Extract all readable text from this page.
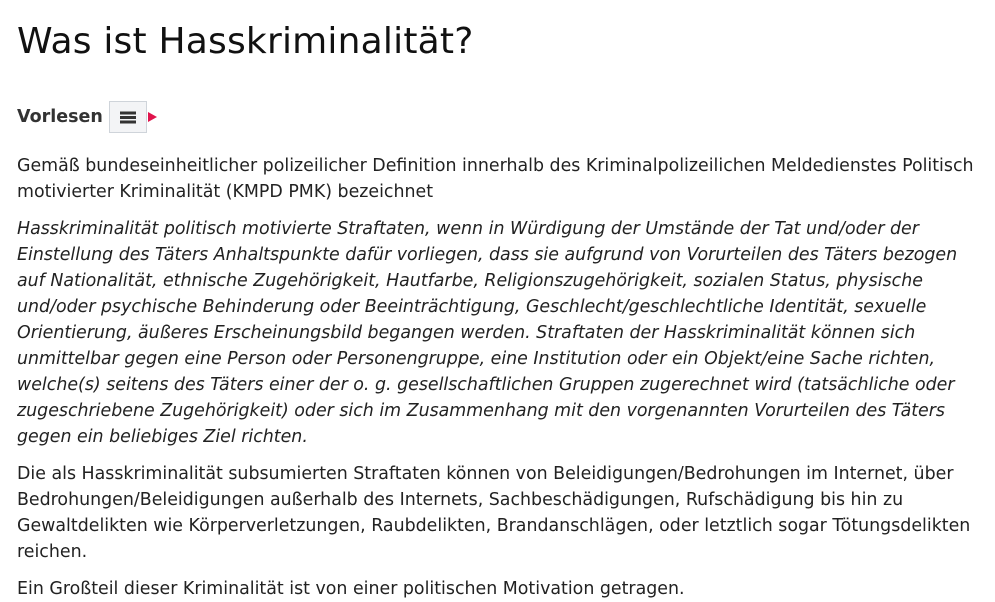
Was ist Hasskriminalität?
Vorlesen

Gemäß bundeseinheitlicher polizeilicher Definition innerhalb des Kriminalpolizeilichen Meldedienstes Politisch motivierter Kriminalität (KMPD PMK) bezeichnet

Hasskriminalität politisch motivierte Straftaten, wenn in Würdigung der Umstände der Tat und/oder der Einstellung des Täters Anhaltspunkte dafür vorliegen, dass sie aufgrund von Vorurteilen des Täters bezogen auf Nationalität, ethnische Zugehörigkeit, Hautfarbe, Religionszugehörigkeit, sozialen Status, physische und/oder psychische Behinderung oder Beeinträchtigung, Geschlecht/geschlechtliche Identität, sexuelle Orientierung, äußeres Erscheinungsbild begangen werden. Straftaten der Hasskriminalität können sich unmittelbar gegen eine Person oder Personengruppe, eine Institution oder ein Objekt/eine Sache richten, welche(s) seitens des Täters einer der o. g. gesellschaftlichen Gruppen zugerechnet wird (tatsächliche oder zugeschriebene Zugehörigkeit) oder sich im Zusammenhang mit den vorgenannten Vorurteilen des Täters gegen ein beliebiges Ziel richten.

Die als Hasskriminalität subsumierten Straftaten können von Beleidigungen/Bedrohungen im Internet, über Bedrohungen/Beleidigungen außerhalb des Internets, Sachbeschädigungen, Rufschädigung bis hin zu Gewaltdelikten wie Körperverletzungen, Raubdelikten, Brandanschlägen, oder letztlich sogar Tötungsdelikten reichen.

Ein Großteil dieser Kriminalität ist von einer politischen Motivation getragen.
